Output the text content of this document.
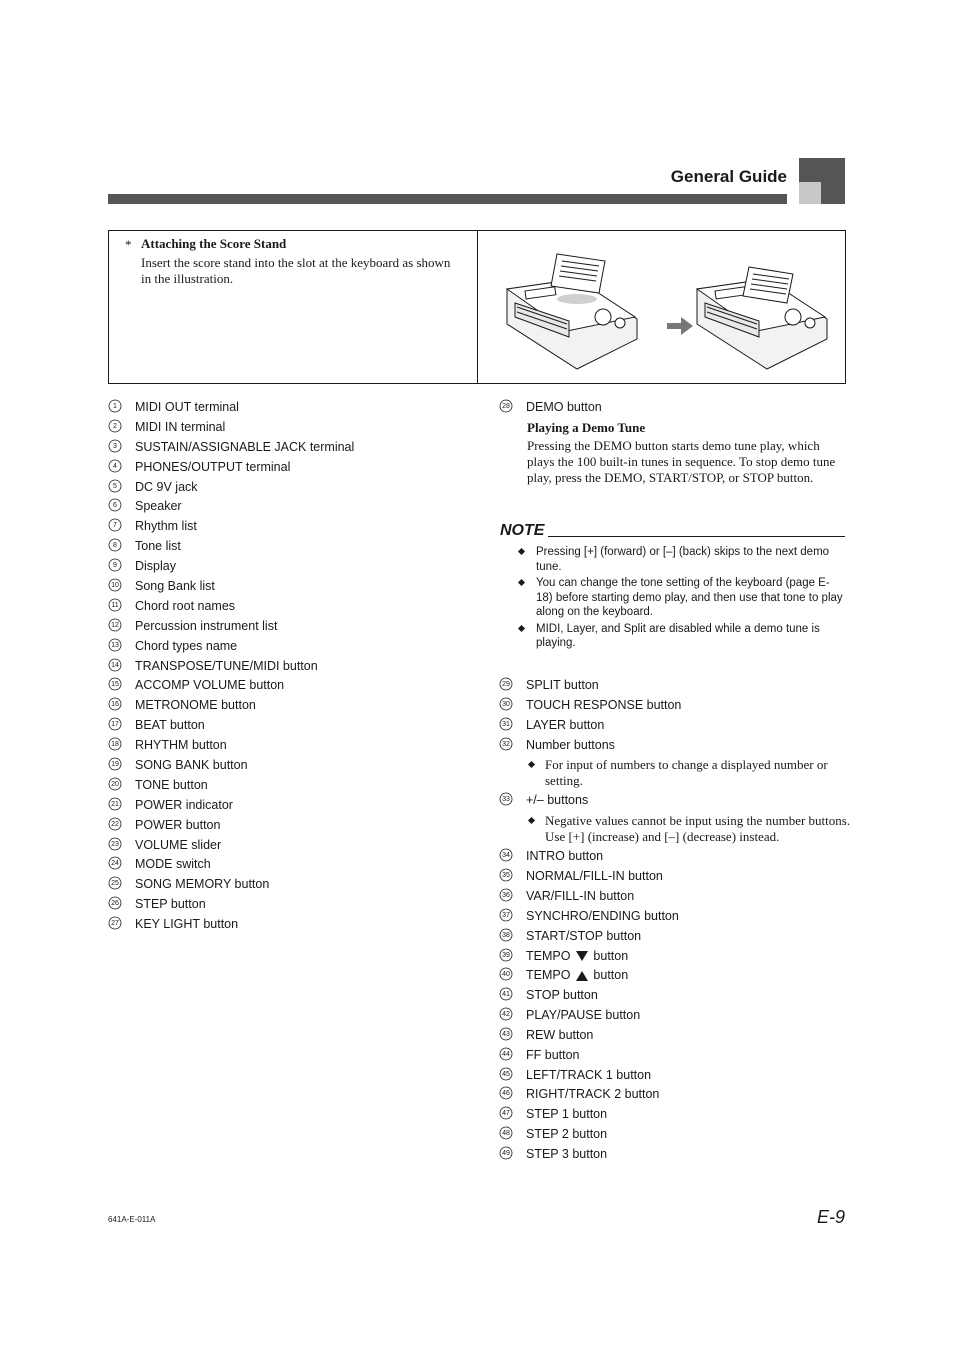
General Guide
* Attaching the Score Stand
Insert the score stand into the slot at the keyboard as shown in the illustration.
1 MIDI OUT terminal
2 MIDI IN terminal
3 SUSTAIN/ASSIGNABLE JACK terminal
4 PHONES/OUTPUT terminal
5 DC 9V jack
6 Speaker
7 Rhythm list
8 Tone list
9 Display
10 Song Bank list
11 Chord root names
12 Percussion instrument list
13 Chord types name
14 TRANSPOSE/TUNE/MIDI button
15 ACCOMP VOLUME button
16 METRONOME button
17 BEAT button
18 RHYTHM button
19 SONG BANK button
20 TONE button
21 POWER indicator
22 POWER button
23 VOLUME slider
24 MODE switch
25 SONG MEMORY button
26 STEP button
27 KEY LIGHT button
28 DEMO button
Playing a Demo Tune
Pressing the DEMO button starts demo tune play, which plays the 100 built-in tunes in sequence. To stop demo tune play, press the DEMO, START/STOP, or STOP button.
NOTE
Pressing [+] (forward) or [–] (back) skips to the next demo tune.
You can change the tone setting of the keyboard (page E-18) before starting demo play, and then use that tone to play along on the keyboard.
MIDI, Layer, and Split are disabled while a demo tune is playing.
29 SPLIT button
30 TOUCH RESPONSE button
31 LAYER button
32 Number buttons
For input of numbers to change a displayed number or setting.
33 +/– buttons
Negative values cannot be input using the number buttons. Use [+] (increase) and [–] (decrease) instead.
34 INTRO button
35 NORMAL/FILL-IN button
36 VAR/FILL-IN button
37 SYNCHRO/ENDING button
38 START/STOP button
39 TEMPO button
40 TEMPO button
41 STOP button
42 PLAY/PAUSE button
43 REW button
44 FF button
45 LEFT/TRACK 1 button
46 RIGHT/TRACK 2 button
47 STEP 1 button
48 STEP 2 button
49 STEP 3 button
641A-E-011A	E-9
